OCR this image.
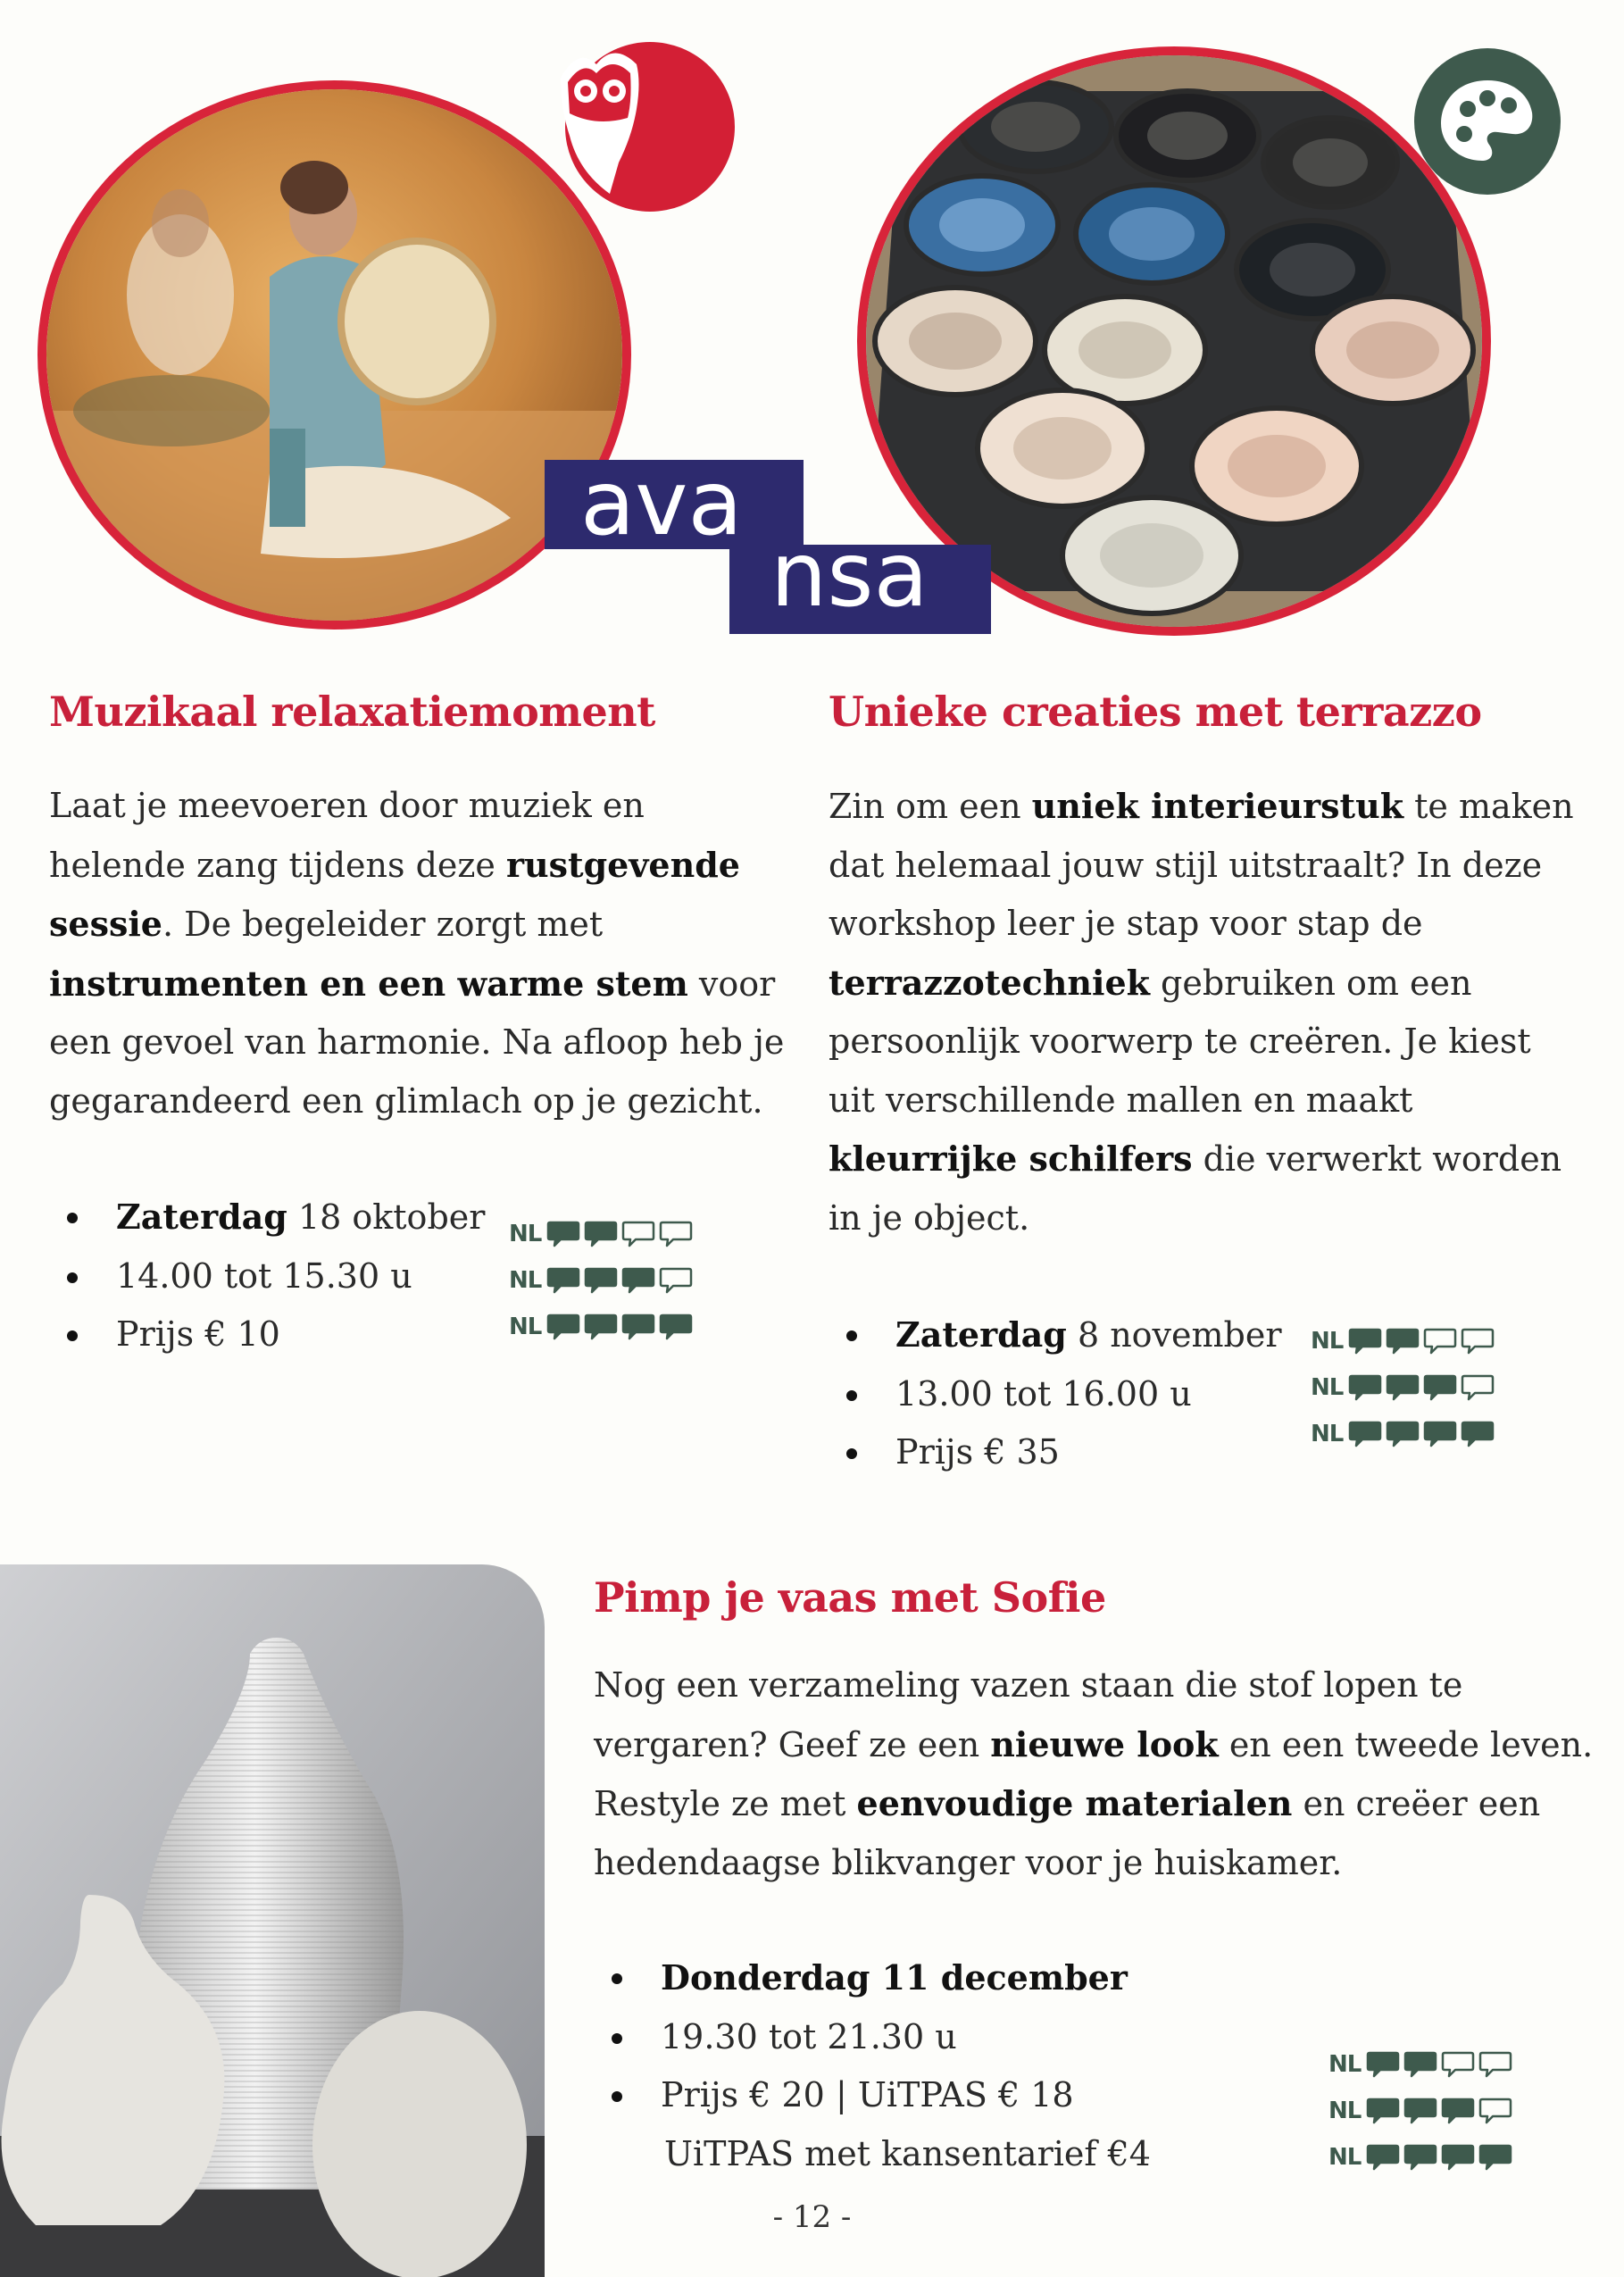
ava
nsa
Muzikaal relaxatiemoment

Laat je meevoeren door muziek en
helende zang tijdens deze rustgevende
sessie. De begeleider zorgt met
instrumenten en een warme stem voor
een gevoel van harmonie. Na afloop heb je
gegarandeerd een glimlach op je gezicht.

Zaterdag 18 oktober
14.00 tot 15.30 u
Prijs € 10
NL
NL
NL
Unieke creaties met terrazzo

Zin om een uniek interieurstuk te maken
dat helemaal jouw stijl uitstraalt? In deze
workshop leer je stap voor stap de
terrazzotechniek gebruiken om een
persoonlijk voorwerp te creëren. Je kiest
uit verschillende mallen en maakt
kleurrijke schilfers die verwerkt worden
in je object.

Zaterdag 8 november
13.00 tot 16.00 u
Prijs € 35
NL
NL
NL
Pimp je vaas met Sofie

Nog een verzameling vazen staan die stof lopen te
vergaren? Geef ze een nieuwe look en een tweede leven.
Restyle ze met eenvoudige materialen en creëer een
hedendaagse blikvanger voor je huiskamer.

Donderdag 11 december
19.30 tot 21.30 u
Prijs € 20 | UiTPAS € 18
UiTPAS met kansentarief €4
NL
NL
NL
- 12 -
